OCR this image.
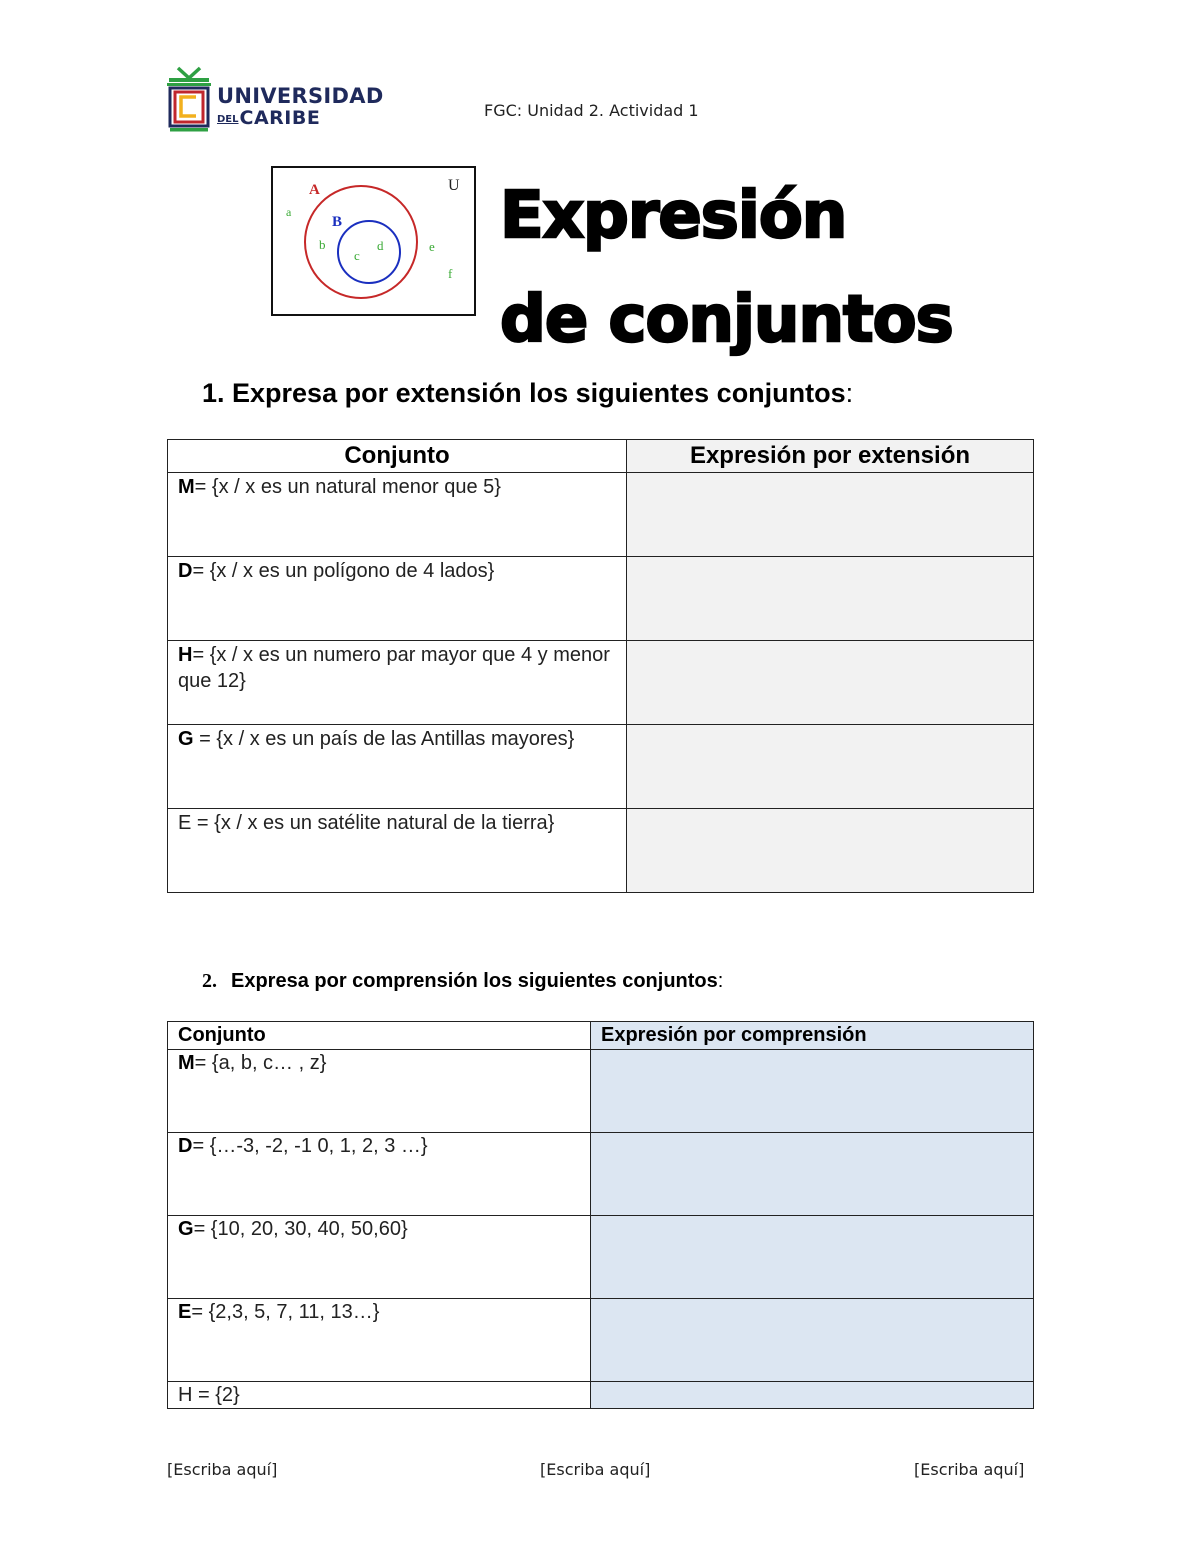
UNIVERSIDAD
DELCARIBE	FGC: Unidad 2. Actividad 1
U
A
B
a
b
c
d	e
f
Expresión
de conjuntos
1. Expresa por extensión los siguientes conjuntos:
Conjunto	Expresión por extensión
M= {x / x es un natural menor que 5}	
D= {x / x es un polígono de 4 lados}	
H= {x / x es un numero par mayor que 4 y menor que 12}	
G = {x / x es un país de las Antillas mayores}	
E = {x / x es un satélite natural de la tierra}	
2. Expresa por comprensión los siguientes conjuntos:
Conjunto	Expresión por comprensión
M= {a, b, c… , z}	
D= {…-3, -2, -1 0, 1, 2, 3 …}	
G= {10, 20, 30, 40, 50,60}	
E= {2,3, 5, 7, 11, 13…}	
H = {2}	
[Escriba aquí]	[Escriba aquí]	[Escriba aquí]
